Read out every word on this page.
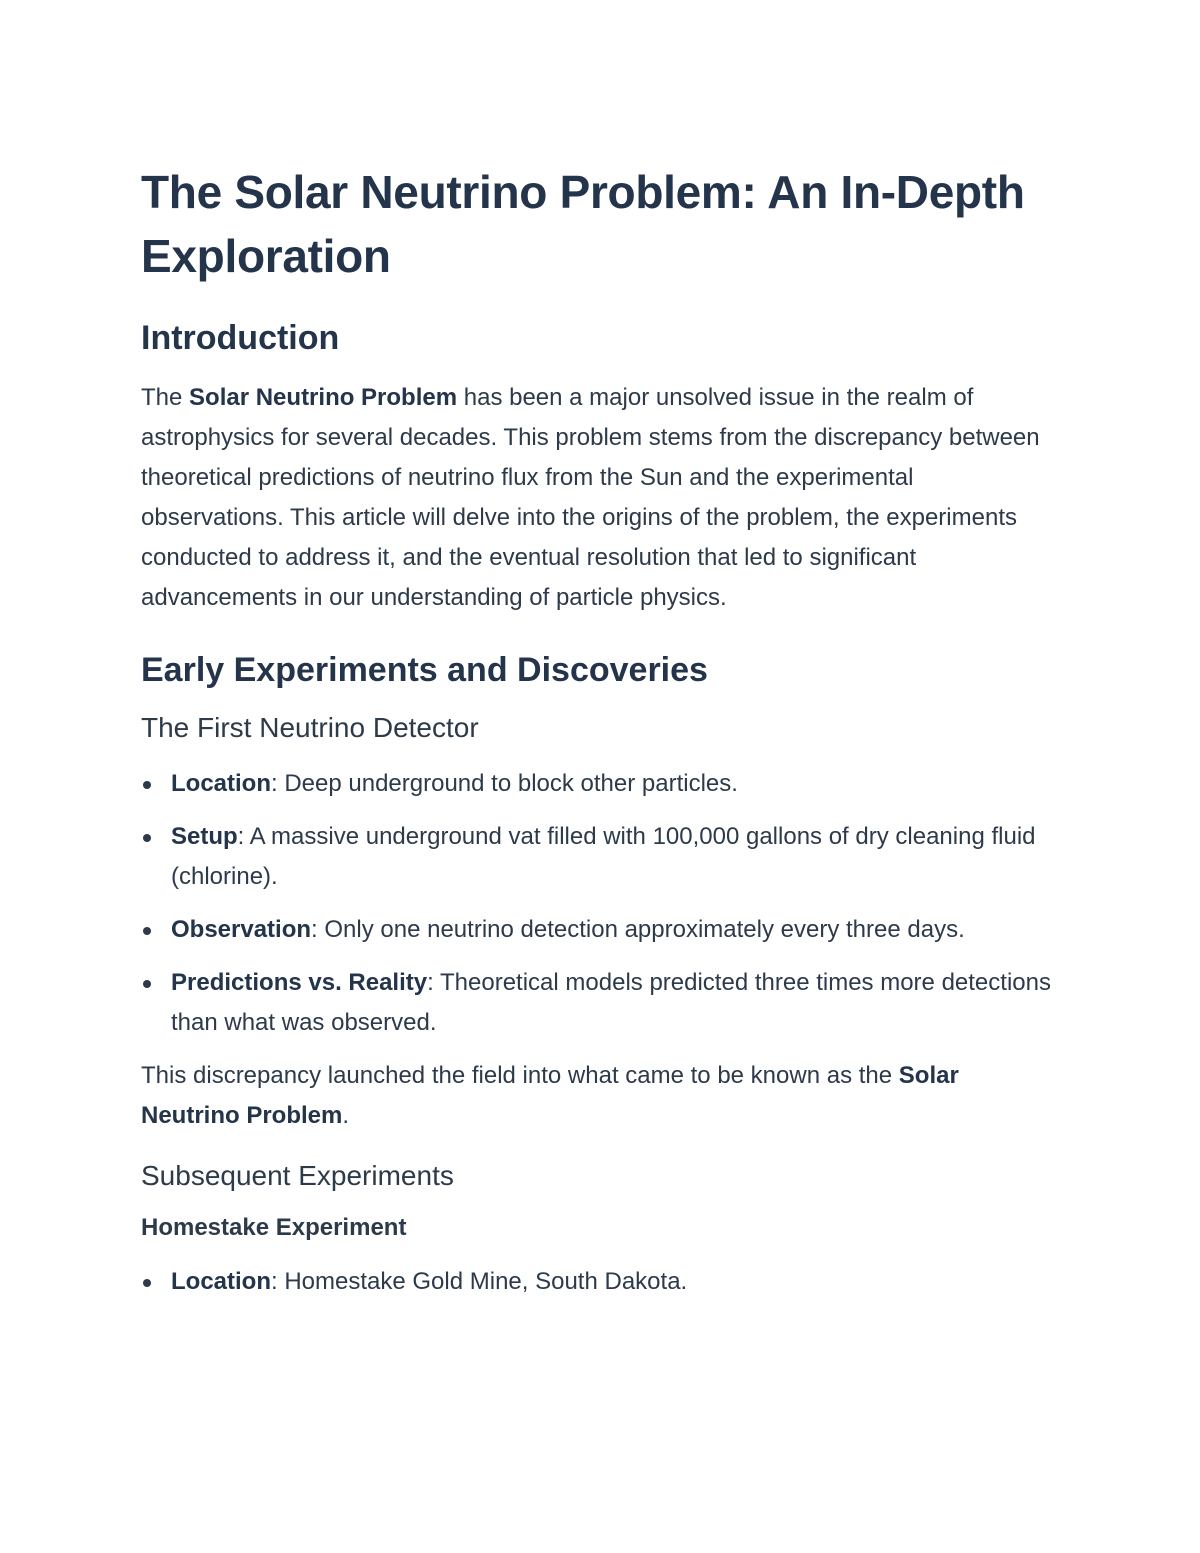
The Solar Neutrino Problem: An In-Depth Exploration
Introduction

The Solar Neutrino Problem has been a major unsolved issue in the realm of astrophysics for several decades. This problem stems from the discrepancy between theoretical predictions of neutrino flux from the Sun and the experimental observations. This article will delve into the origins of the problem, the experiments conducted to address it, and the eventual resolution that led to significant advancements in our understanding of particle physics.

Early Experiments and Discoveries
The First Neutrino Detector
Location: Deep underground to block other particles.
Setup: A massive underground vat filled with 100,000 gallons of dry cleaning fluid (chlorine).
Observation: Only one neutrino detection approximately every three days.
Predictions vs. Reality: Theoretical models predicted three times more detections than what was observed.

This discrepancy launched the field into what came to be known as the Solar Neutrino Problem.

Subsequent Experiments
Homestake Experiment
Location: Homestake Gold Mine, South Dakota.
